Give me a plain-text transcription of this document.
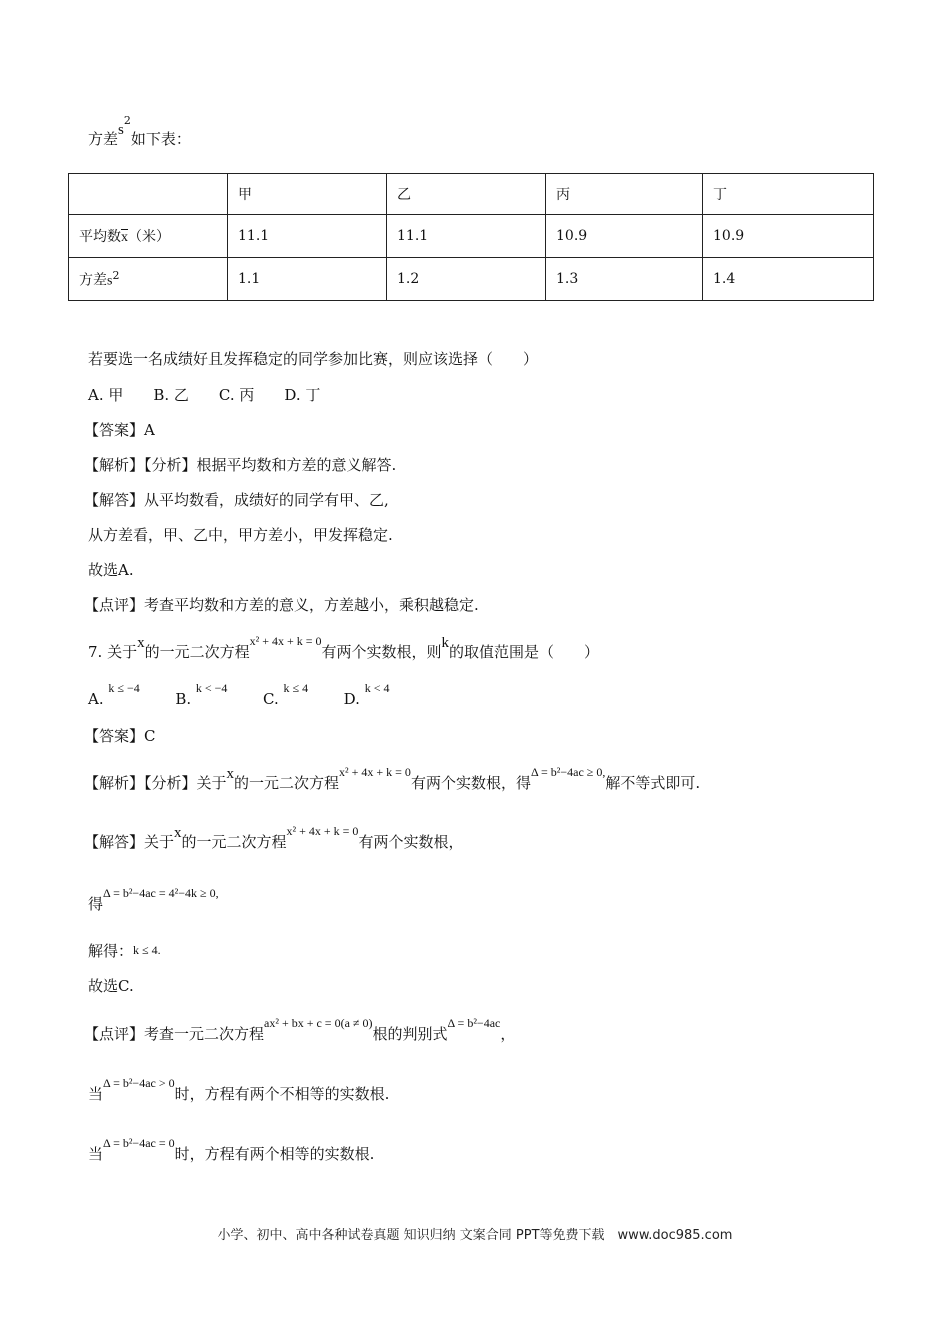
方差$s^2$如下表：
	甲	乙	丙	丁
平均数$\overline{x}$（米）	11.1	11.1	10.9	10.9
方差$s^2$	1.1	1.2	1.3	1.4
若要选一名成绩好且发挥稳定的同学参加比赛，则应该选择（　　）
A. 甲　　B. 乙　　C. 丙　　D. 丁
【答案】A
【解析】【分析】根据平均数和方差的意义解答.
【解答】从平均数看，成绩好的同学有甲、乙,
从方差看，甲、乙中，甲方差小，甲发挥稳定.
故选A.
【点评】考查平均数和方差的意义，方差越小，乘积越稳定.
7. 关于x的一元二次方程$^{x^2 + 4x + k = 0}$有两个实数根，则k的取值范围是（　　）
A. $^{k \le -4}$  B. $^{k < -4}$  C. $^{k \le 4}$  D. $^{k < 4}$
【答案】C
【解析】【分析】关于x的一元二次方程$^{x^2 + 4x + k = 0}$有两个实数根，得$^{\Delta = b^2-4ac \ge 0,}$解不等式即可.
【解答】关于x的一元二次方程$^{x^2 + 4x + k = 0}$有两个实数根，
得$^{\Delta = b^2-4ac = 4^2-4k \ge 0,}$
解得：k ≤ 4.
故选C.
【点评】考查一元二次方程$^{ax^2 + bx + c = 0(a \ne 0)}$根的判别式$^{\Delta = b^2-4ac}$，
当$^{\Delta = b^2-4ac > 0}$时，方程有两个不相等的实数根.
当$^{\Delta = b^2-4ac = 0}$时，方程有两个相等的实数根.
小学、初中、高中各种试卷真题 知识归纳 文案合同 PPT等免费下载　www.doc985.com
